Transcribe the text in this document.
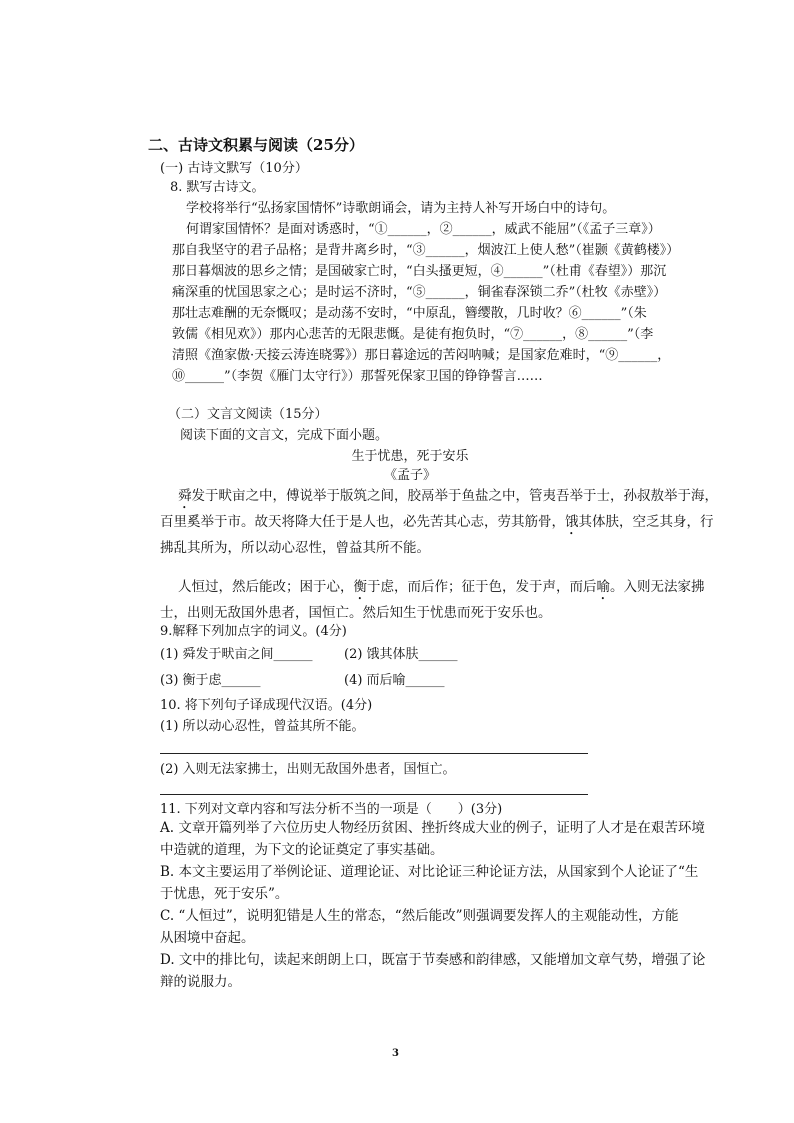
二、古诗文积累与阅读（25分）
(一) 古诗文默写（10分）
8. 默写古诗文。
学校将举行“弘扬家国情怀”诗歌朗诵会，请为主持人补写开场白中的诗句。
何谓家国情怀？是面对诱惑时，“①______，②______，威武不能屈”（《孟子三章》）
那自我坚守的君子品格；是背井离乡时，“③______，烟波江上使人愁”（崔颢《黄鹤楼》）
那日暮烟波的思乡之情；是国破家亡时，“白头搔更短，④______”（杜甫《春望》）那沉
痛深重的忧国思家之心；是时运不济时，“⑤______，铜雀春深锁二乔”（杜牧《赤壁》）
那壮志难酬的无奈慨叹；是动荡不安时，“中原乱，簪缨散，几时收？⑥______”（朱
敦儒《相见欢》）那内心悲苦的无限悲慨。是徒有抱负时，“⑦______，⑧______”（李
清照《渔家傲·天接云涛连晓雾》）那日暮途远的苦闷呐喊；是国家危难时，“⑨______，
⑩______”（李贺《雁门太守行》）那誓死保家卫国的铮铮誓言……
（二）文言文阅读（15分）
阅读下面的文言文，完成下面小题。
生于忧患，死于安乐
《孟子》
舜发于畎亩之中，傅说举于版筑之间，胶鬲举于鱼盐之中，管夷吾举于士，孙叔敖举于海，
百里奚举于市。故天将降大任于是人也，必先苦其心志，劳其筋骨，饿其体肤，空乏其身，行
拂乱其所为，所以动心忍性，曾益其所不能。
人恒过，然后能改；困于心，衡于虑，而后作；征于色，发于声，而后喻。入则无法家拂
士，出则无敌国外患者，国恒亡。然后知生于忧患而死于安乐也。
9.解释下列加点字的词义。(4分)
(1) 舜发于畎亩之间______ (2) 饿其体肤______
(3) 衡于虑______	(4) 而后喻______
10. 将下列句子译成现代汉语。(4分)
(1) 所以动心忍性，曾益其所不能。
(2) 入则无法家拂士，出则无敌国外患者，国恒亡。
11. 下列对文章内容和写法分析不当的一项是（　　）(3分)
A. 文章开篇列举了六位历史人物经历贫困、挫折终成大业的例子，证明了人才是在艰苦环境
中造就的道理，为下文的论证奠定了事实基础。
B. 本文主要运用了举例论证、道理论证、对比论证三种论证方法，从国家到个人论证了“生
于忧患，死于安乐”。
C. “人恒过”，说明犯错是人生的常态，“然后能改”则强调要发挥人的主观能动性，方能
从困境中奋起。
D. 文中的排比句，读起来朗朗上口，既富于节奏感和韵律感，又能增加文章气势，增强了论
辩的说服力。
3
